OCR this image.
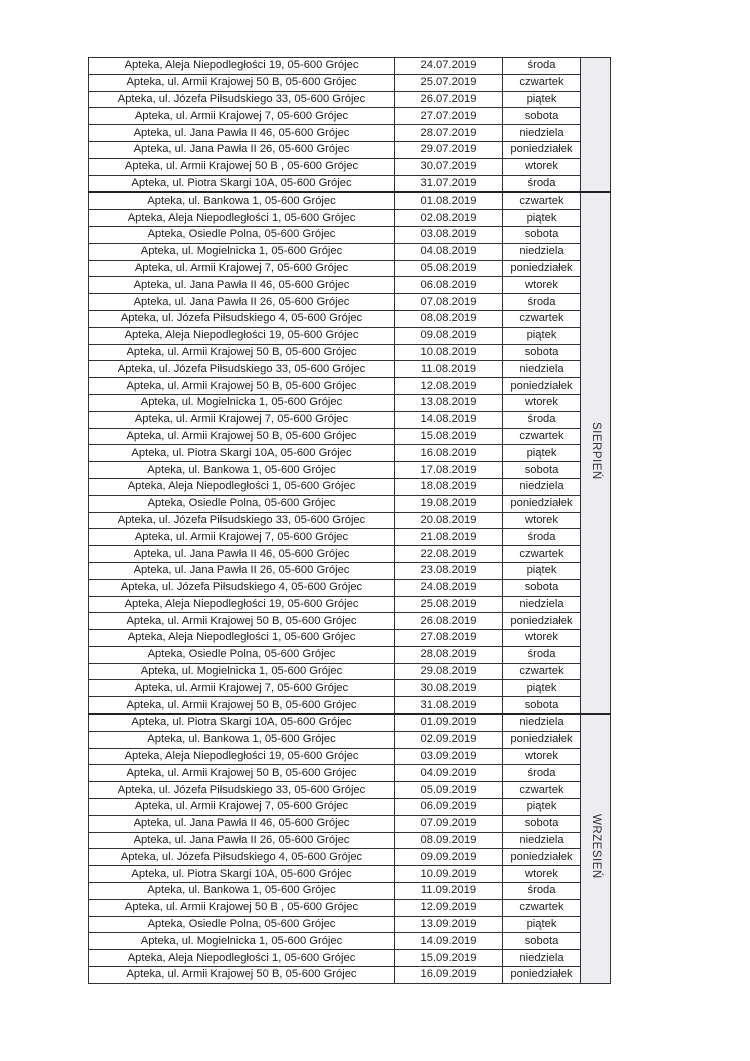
Apteka, Aleja Niepodległości 19, 05-600 Grójec	24.07.2019	środa	
Apteka, ul. Armii Krajowej 50 B, 05-600 Grójec	25.07.2019	czwartek	
Apteka, ul. Józefa Piłsudskiego 33, 05-600 Grójec	26.07.2019	piątek	
Apteka, ul. Armii Krajowej 7, 05-600 Grójec	27.07.2019	sobota	
Apteka, ul. Jana Pawła II 46, 05-600 Grójec	28.07.2019	niedziela	
Apteka, ul. Jana Pawła II 26, 05-600 Grójec	29.07.2019	poniedziałek	
Apteka, ul. Armii Krajowej 50 B , 05-600 Grójec	30.07.2019	wtorek	
Apteka, ul. Piotra Skargi 10A, 05-600 Grójec	31.07.2019	środa	
Apteka, ul. Bankowa 1, 05-600 Grójec	01.08.2019	czwartek	SIERPIEŃ
Apteka, Aleja Niepodległości 1, 05-600 Grójec	02.08.2019	piątek	
Apteka, Osiedle Polna, 05-600 Grójec	03.08.2019	sobota	
Apteka, ul. Mogielnicka 1, 05-600 Grójec	04.08.2019	niedziela	
Apteka, ul. Armii Krajowej 7, 05-600 Grójec	05.08.2019	poniedziałek	
Apteka, ul. Jana Pawła II 46, 05-600 Grójec	06.08.2019	wtorek	
Apteka, ul. Jana Pawła II 26, 05-600 Grójec	07.08.2019	środa	
Apteka, ul. Józefa Piłsudskiego 4, 05-600 Grójec	08.08.2019	czwartek	
Apteka, Aleja Niepodległości 19, 05-600 Grójec	09.08.2019	piątek	
Apteka, ul. Armii Krajowej 50 B, 05-600 Grójec	10.08.2019	sobota	
Apteka, ul. Józefa Piłsudskiego 33, 05-600 Grójec	11.08.2019	niedziela	
Apteka, ul. Armii Krajowej 50 B, 05-600 Grójec	12.08.2019	poniedziałek	
Apteka, ul. Mogielnicka 1, 05-600 Grójec	13.08.2019	wtorek	
Apteka, ul. Armii Krajowej 7, 05-600 Grójec	14.08.2019	środa	
Apteka, ul. Armii Krajowej 50 B, 05-600 Grójec	15.08.2019	czwartek	
Apteka, ul. Piotra Skargi 10A, 05-600 Grójec	16.08.2019	piątek	
Apteka, ul. Bankowa 1, 05-600 Grójec	17.08.2019	sobota	
Apteka, Aleja Niepodległości 1, 05-600 Grójec	18.08.2019	niedziela	
Apteka, Osiedle Polna, 05-600 Grójec	19.08.2019	poniedziałek	
Apteka, ul. Józefa Piłsudskiego 33, 05-600 Grójec	20.08.2019	wtorek	
Apteka, ul. Armii Krajowej 7, 05-600 Grójec	21.08.2019	środa	
Apteka, ul. Jana Pawła II 46, 05-600 Grójec	22.08.2019	czwartek	
Apteka, ul. Jana Pawła II 26, 05-600 Grójec	23.08.2019	piątek	
Apteka, ul. Józefa Piłsudskiego 4, 05-600 Grójec	24.08.2019	sobota	
Apteka, Aleja Niepodległości 19, 05-600 Grójec	25.08.2019	niedziela	
Apteka, ul. Armii Krajowej 50 B, 05-600 Grójec	26.08.2019	poniedziałek	
Apteka, Aleja Niepodległości 1, 05-600 Grójec	27.08.2019	wtorek	
Apteka, Osiedle Polna, 05-600 Grójec	28.08.2019	środa	
Apteka, ul. Mogielnicka 1, 05-600 Grójec	29.08.2019	czwartek	
Apteka, ul. Armii Krajowej 7, 05-600 Grójec	30.08.2019	piątek	
Apteka, ul. Armii Krajowej 50 B, 05-600 Grójec	31.08.2019	sobota	
Apteka, ul. Piotra Skargi 10A, 05-600 Grójec	01.09.2019	niedziela	WRZESIEŃ
Apteka, ul. Bankowa 1, 05-600 Grójec	02.09.2019	poniedziałek	
Apteka, Aleja Niepodległości 19, 05-600 Grójec	03.09.2019	wtorek	
Apteka, ul. Armii Krajowej 50 B, 05-600 Grójec	04.09.2019	środa	
Apteka, ul. Józefa Piłsudskiego 33, 05-600 Grójec	05.09.2019	czwartek	
Apteka, ul. Armii Krajowej 7, 05-600 Grójec	06.09.2019	piątek	
Apteka, ul. Jana Pawła II 46, 05-600 Grójec	07.09.2019	sobota	
Apteka, ul. Jana Pawła II 26, 05-600 Grójec	08.09.2019	niedziela	
Apteka, ul. Józefa Piłsudskiego 4, 05-600 Grójec	09.09.2019	poniedziałek	
Apteka, ul. Piotra Skargi 10A, 05-600 Grójec	10.09.2019	wtorek	
Apteka, ul. Bankowa 1, 05-600 Grójec	11.09.2019	środa	
Apteka, ul. Armii Krajowej 50 B , 05-600 Grójec	12.09.2019	czwartek	
Apteka, Osiedle Polna, 05-600 Grójec	13.09.2019	piątek	
Apteka, ul. Mogielnicka 1, 05-600 Grójec	14.09.2019	sobota	
Apteka, Aleja Niepodległości 1, 05-600 Grójec	15.09.2019	niedziela	
Apteka, ul. Armii Krajowej 50 B, 05-600 Grójec	16.09.2019	poniedziałek	
